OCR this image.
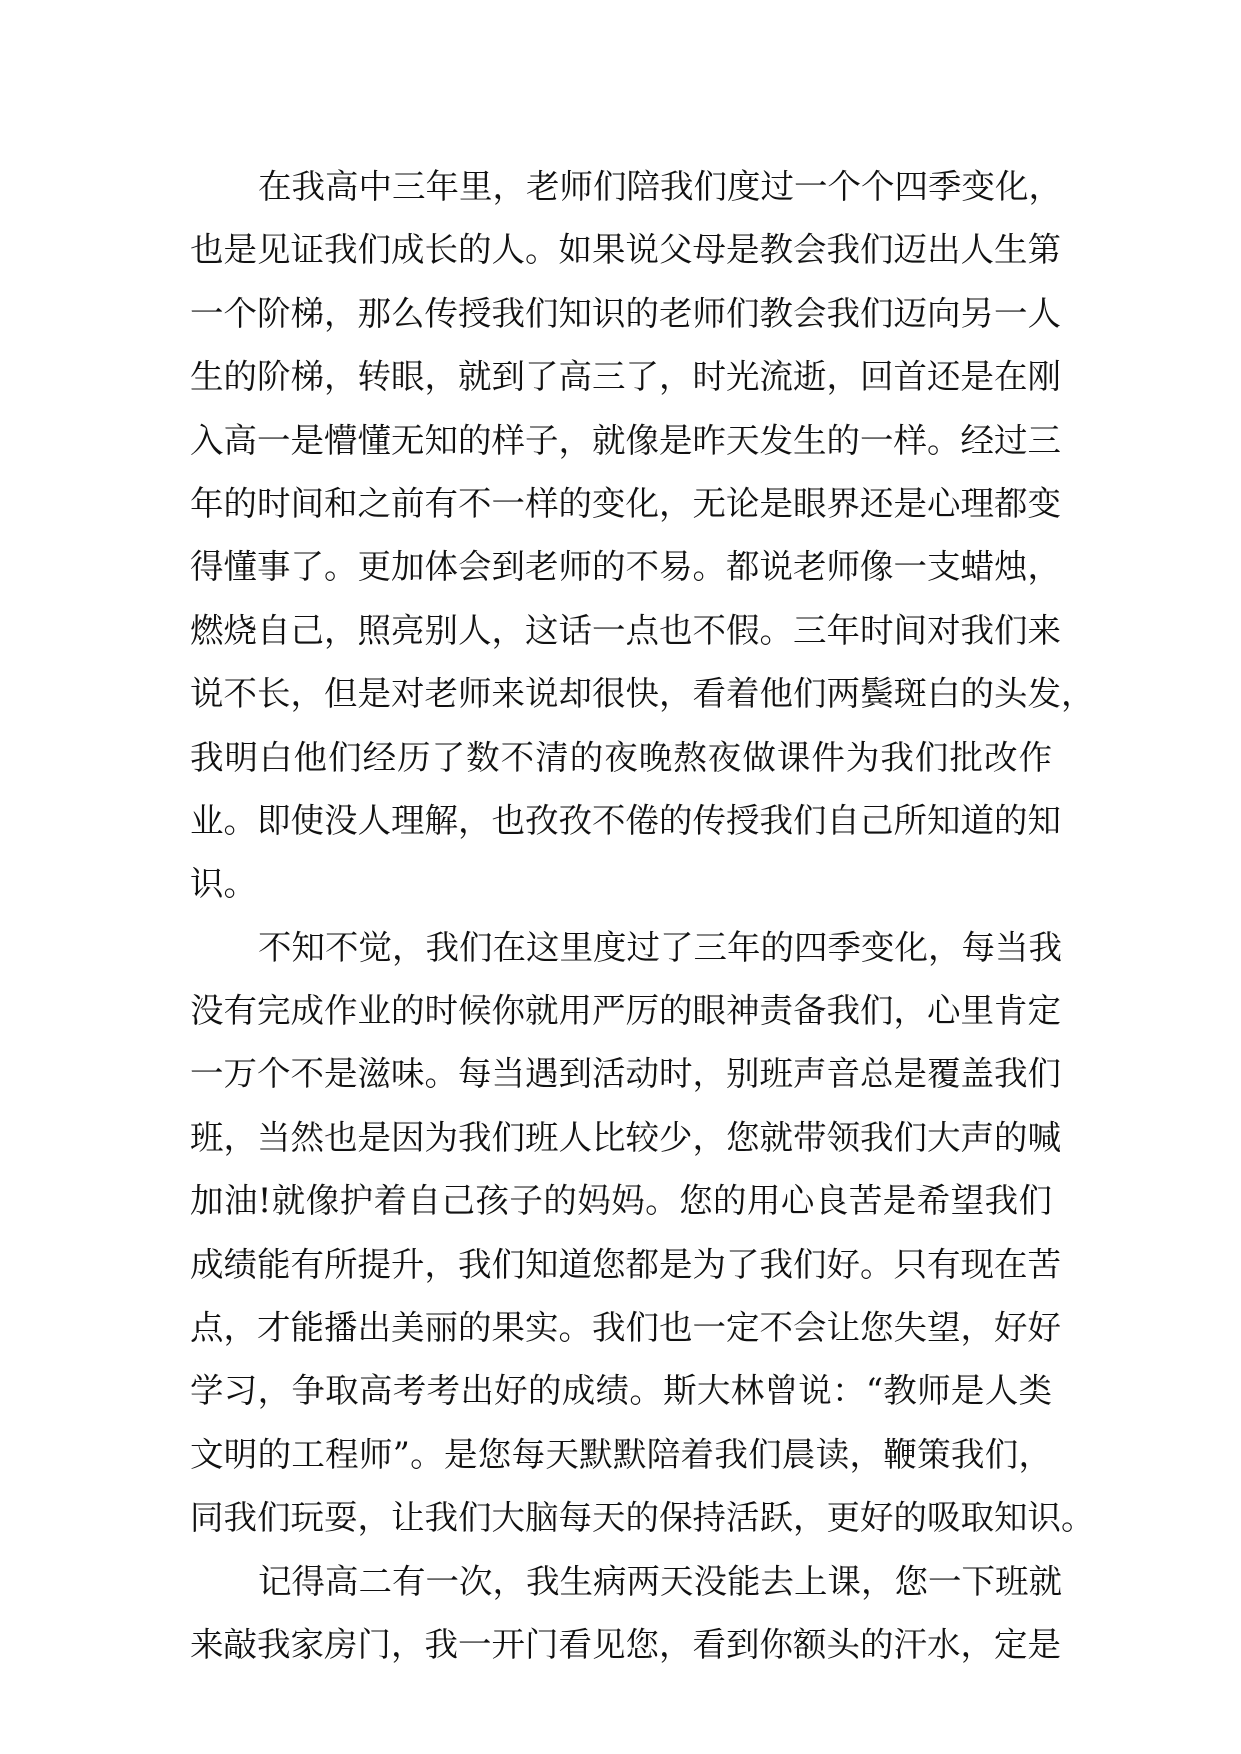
在我高中三年里，老师们陪我们度过一个个四季变化，
也是见证我们成长的人。如果说父母是教会我们迈出人生第
一个阶梯，那么传授我们知识的老师们教会我们迈向另一人
生的阶梯，转眼，就到了高三了，时光流逝，回首还是在刚
入高一是懵懂无知的样子，就像是昨天发生的一样。经过三
年的时间和之前有不一样的变化，无论是眼界还是心理都变
得懂事了。更加体会到老师的不易。都说老师像一支蜡烛，
燃烧自己，照亮别人，这话一点也不假。三年时间对我们来
说不长，但是对老师来说却很快，看着他们两鬓斑白的头发，
我明白他们经历了数不清的夜晚熬夜做课件为我们批改作
业。即使没人理解，也孜孜不倦的传授我们自己所知道的知
识。
不知不觉，我们在这里度过了三年的四季变化，每当我
没有完成作业的时候你就用严厉的眼神责备我们，心里肯定
一万个不是滋味。每当遇到活动时，别班声音总是覆盖我们
班，当然也是因为我们班人比较少，您就带领我们大声的喊
加油!就像护着自己孩子的妈妈。您的用心良苦是希望我们
成绩能有所提升，我们知道您都是为了我们好。只有现在苦
点，才能播出美丽的果实。我们也一定不会让您失望，好好
学习，争取高考考出好的成绩。斯大林曾说：“教师是人类
文明的工程师”。是您每天默默陪着我们晨读，鞭策我们，
同我们玩耍，让我们大脑每天的保持活跃，更好的吸取知识。
记得高二有一次，我生病两天没能去上课，您一下班就
来敲我家房门，我一开门看见您，看到你额头的汗水，定是
